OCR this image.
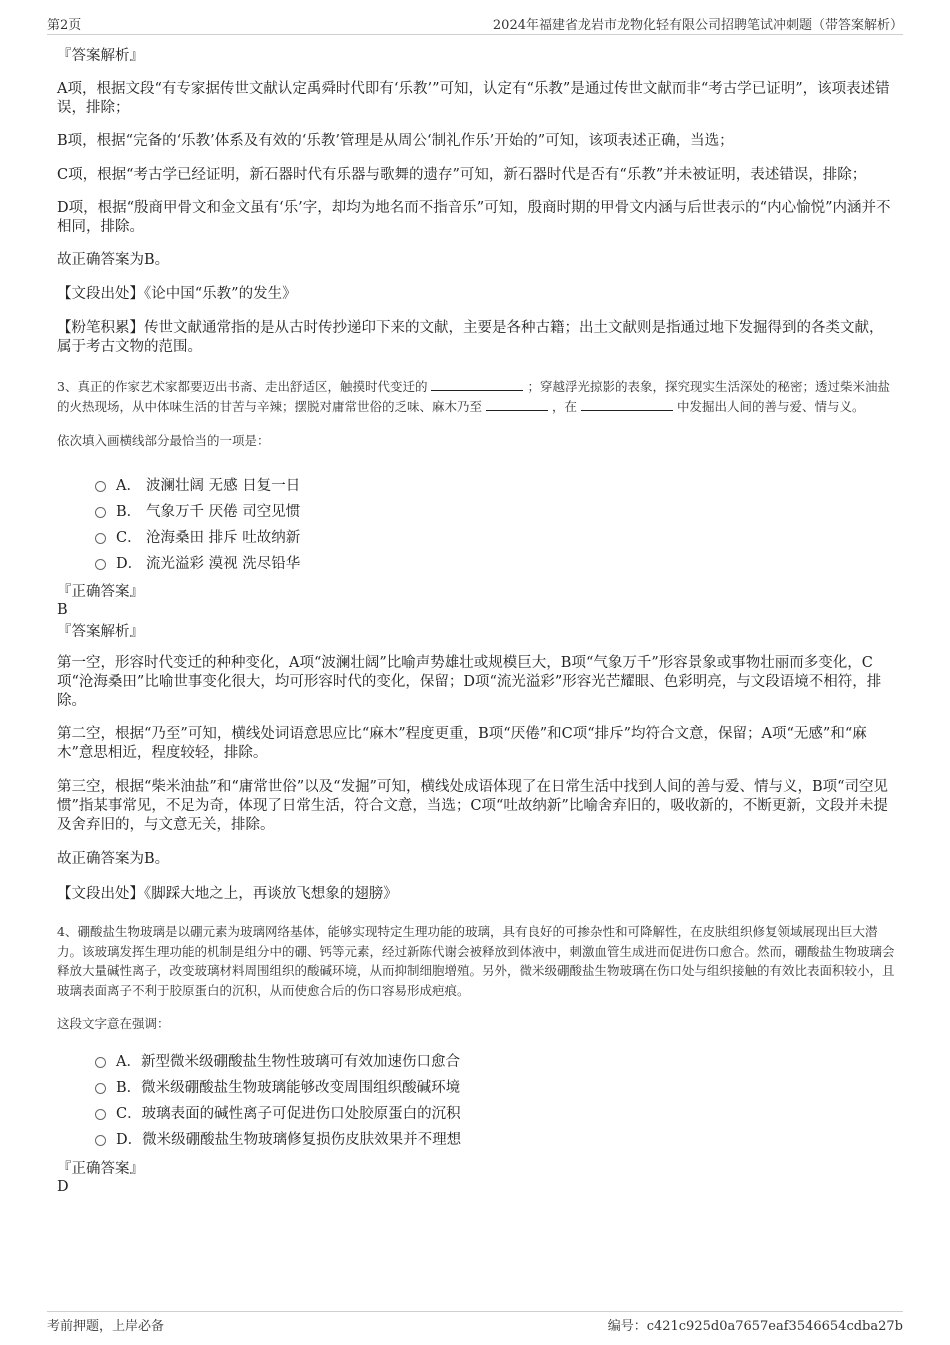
第2页	2024年福建省龙岩市龙物化轻有限公司招聘笔试冲刺题（带答案解析）

『答案解析』

A项，根据文段“有专家据传世文献认定禹舜时代即有‘乐教’”可知，认定有“乐教”是通过传世文献而非“考古学已证明”，该项表述错误，排除；

B项，根据“完备的‘乐教’体系及有效的‘乐教’管理是从周公‘制礼作乐’开始的”可知，该项表述正确，当选；

C项，根据“考古学已经证明，新石器时代有乐器与歌舞的遗存”可知，新石器时代是否有“乐教”并未被证明，表述错误，排除；

D项，根据“殷商甲骨文和金文虽有‘乐’字，却均为地名而不指音乐”可知，殷商时期的甲骨文内涵与后世表示的“内心愉悦”内涵并不相同，排除。

故正确答案为B。

【文段出处】《论中国“乐教”的发生》

【粉笔积累】传世文献通常指的是从古时传抄递印下来的文献，主要是各种古籍；出土文献则是指通过地下发掘得到的各类文献，属于考古文物的范围。

3、真正的作家艺术家都要迈出书斋、走出舒适区，触摸时代变迁的	；穿越浮光掠影的表象，探究现实生活深处的秘密；透过柴米油盐的火热现场，从中体味生活的甘苦与辛辣；摆脱对庸常世俗的乏味、麻木乃至	，在	中发掘出人间的善与爱、情与义。

依次填入画横线部分最恰当的一项是：

A． 波澜壮阔 无感 日复一日
B． 气象万千 厌倦 司空见惯
C． 沧海桑田 排斥 吐故纳新
D． 流光溢彩 漠视 洗尽铅华

『正确答案』

B

『答案解析』

第一空，形容时代变迁的种种变化，A项“波澜壮阔”比喻声势雄壮或规模巨大，B项“气象万千”形容景象或事物壮丽而多变化，C项“沧海桑田”比喻世事变化很大，均可形容时代的变化，保留；D项“流光溢彩”形容光芒耀眼、色彩明亮，与文段语境不相符，排除。

第二空，根据“乃至”可知，横线处词语意思应比“麻木”程度更重，B项“厌倦”和C项“排斥”均符合文意，保留；A项“无感”和“麻木”意思相近，程度较轻，排除。

第三空，根据“柴米油盐”和“庸常世俗”以及“发掘”可知，横线处成语体现了在日常生活中找到人间的善与爱、情与义，B项“司空见惯”指某事常见，不足为奇，体现了日常生活，符合文意，当选；C项“吐故纳新”比喻舍弃旧的，吸收新的，不断更新，文段并未提及舍弃旧的，与文意无关，排除。

故正确答案为B。

【文段出处】《脚踩大地之上，再谈放飞想象的翅膀》

4、硼酸盐生物玻璃是以硼元素为玻璃网络基体，能够实现特定生理功能的玻璃，具有良好的可掺杂性和可降解性，在皮肤组织修复领域展现出巨大潜力。该玻璃发挥生理功能的机制是组分中的硼、钙等元素，经过新陈代谢会被释放到体液中，刺激血管生成进而促进伤口愈合。然而，硼酸盐生物玻璃会释放大量碱性离子，改变玻璃材料周围组织的酸碱环境，从而抑制细胞增殖。另外，微米级硼酸盐生物玻璃在伤口处与组织接触的有效比表面积较小，且玻璃表面离子不利于胶原蛋白的沉积，从而使愈合后的伤口容易形成疤痕。

这段文字意在强调：

A． 新型微米级硼酸盐生物性玻璃可有效加速伤口愈合
B． 微米级硼酸盐生物玻璃能够改变周围组织酸碱环境
C． 玻璃表面的碱性离子可促进伤口处胶原蛋白的沉积
D． 微米级硼酸盐生物玻璃修复损伤皮肤效果并不理想

『正确答案』

D

考前押题，上岸必备	编号：c421c925d0a7657eaf3546654cdba27b
